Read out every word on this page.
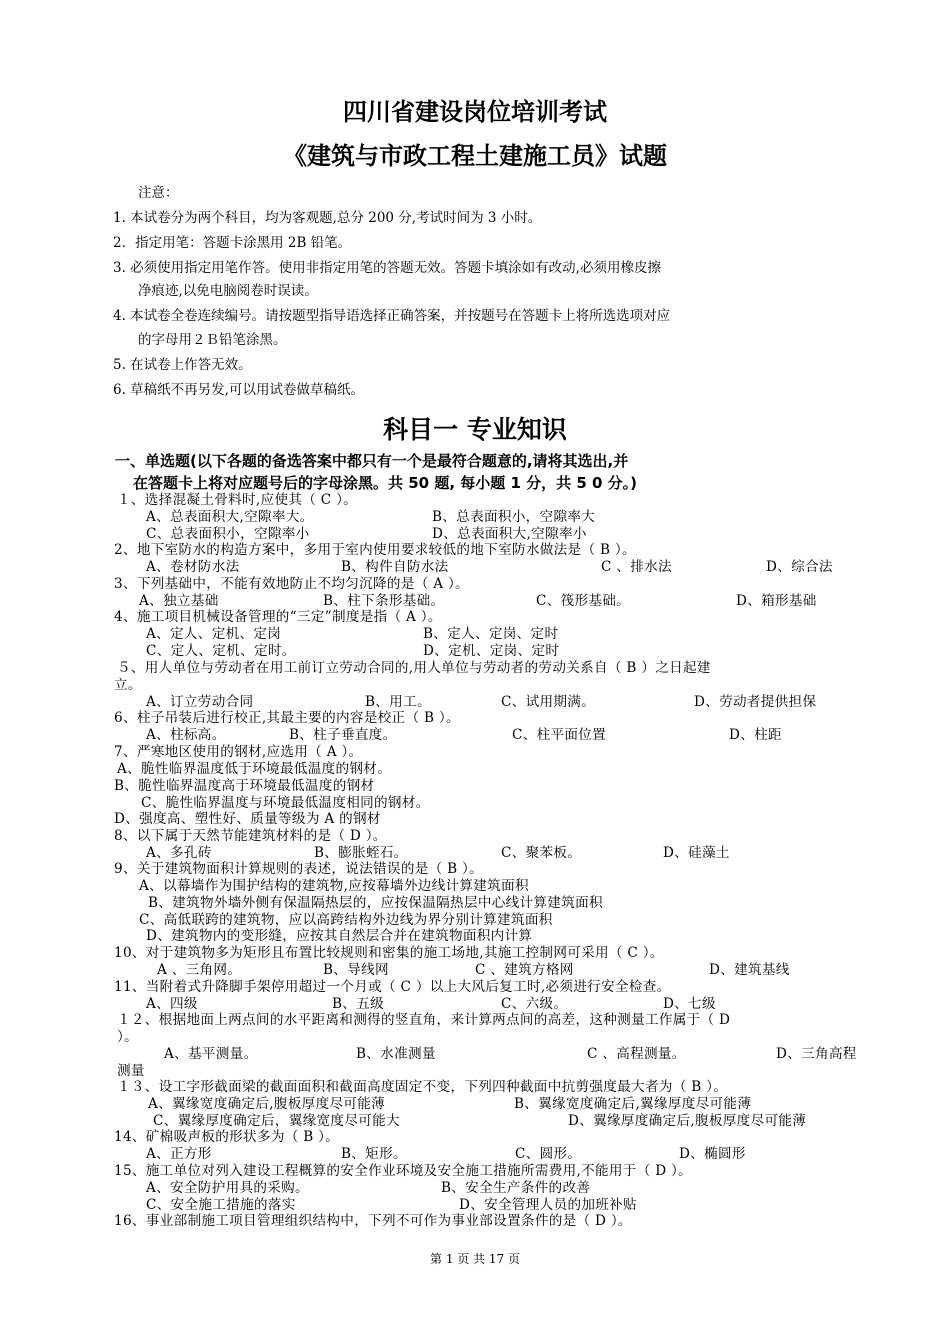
四川省建设岗位培训考试
《建筑与市政工程土建施工员》试题
注意：
1. 本试卷分为两个科目，均为客观题,总分 200 分,考试时间为 3 小时。
2．指定用笔：答题卡涂黑用 2B 铅笔。
3. 必须使用指定用笔作答。使用非指定用笔的答题无效。答题卡填涂如有改动,必须用橡皮擦
净痕迹,以免电脑阅卷时误读。
4. 本试卷全卷连续编号。请按题型指导语选择正确答案，并按题号在答题卡上将所选选项对应
的字母用２Ｂ铅笔涂黑。
5. 在试卷上作答无效。
6. 草稿纸不再另发,可以用试卷做草稿纸。
科目一 专业知识
一、单选题(以下各题的备选答案中都只有一个是最符合题意的,请将其选出,并
在答题卡上将对应题号后的字母涂黑。共 50 题, 每小题 1 分，共 5 0 分。)
１、选择混凝土骨料时,应使其（ C ）。
A、总表面积大,空隙率大。	B、总表面积小，空隙率大
C、总表面积小，空隙率小	D、总表面积大,空隙率小
2、地下室防水的构造方案中，多用于室内使用要求较低的地下室防水做法是（ B ）。
A、卷材防水法	B、构件自防水法	C 、排水法	D、综合法
3、下列基础中，不能有效地防止不均匀沉降的是（ A ）。
A、独立基础	B、柱下条形基础。	C、筏形基础。	D、箱形基础
4、施工项目机械设备管理的“三定”制度是指（ A ）。
A、定人、定机、定岗	B、定人、定岗、定时
C、定人、定机、定时。	D、定机、定岗、定时
５、用人单位与劳动者在用工前订立劳动合同的,用人单位与劳动者的劳动关系自（ B ）之日起建
立。
A、订立劳动合同	B、用工。	C、试用期满。	D、劳动者提供担保
6、柱子吊装后进行校正,其最主要的内容是校正（ B ）。
A、柱标高。	B、柱子垂直度。	C、柱平面位置	D、柱距
7、严寒地区使用的钢材,应选用（ A ）。
A、脆性临界温度低于环境最低温度的钢材。
B、脆性临界温度高于环境最低温度的钢材
C、脆性临界温度与环境最低温度相同的钢材。
D、强度高、塑性好、质量等级为 A 的钢材
8、以下属于天然节能建筑材料的是（ D ）。
A、多孔砖	B、膨胀蛭石。	C、聚苯板。	D、硅藻土
9、关于建筑物面积计算规则的表述，说法错误的是（ B ）。
A、以幕墙作为围护结构的建筑物,应按幕墙外边线计算建筑面积
B、建筑物外墙外侧有保温隔热层的，应按保温隔热层中心线计算建筑面积
C、高低联跨的建筑物，应以高跨结构外边线为界分别计算建筑面积
D、建筑物内的变形缝，应按其自然层合并在建筑物面积内计算
10、对于建筑物多为矩形且布置比较规则和密集的施工场地,其施工控制网可采用（ C ）。
A 、三角网。	B、导线网	C 、建筑方格网	D、建筑基线
11、当附着式升降脚手架停用超过一个月或（ C ）以上大风后复工时,必须进行安全检查。
A、四级	B、五级	C、六级。	D、七级
１２、根据地面上两点间的水平距离和测得的竖直角，来计算两点间的高差，这种测量工作属于（ D
）。
A、基平测量。	B、水准测量	C 、高程测量。	D、三角高程
测量
１３、设工字形截面梁的截面面积和截面高度固定不变，下列四种截面中抗剪强度最大者为（ B ）。
A、翼缘宽度确定后,腹板厚度尽可能薄	B、翼缘宽度确定后,翼缘厚度尽可能薄
C、翼缘厚度确定后，翼缘宽度尽可能大	D、翼缘厚度确定后,腹板厚度尽可能薄
14、矿棉吸声板的形状多为（ B ）。
A、正方形	B、矩形。	C、圆形。	D、椭圆形
15、施工单位对列入建设工程概算的安全作业环境及安全施工措施所需费用,不能用于（ D ）。
A、安全防护用具的采购。	B、安全生产条件的改善
C、安全施工措施的落实	D、安全管理人员的加班补贴
16、事业部制施工项目管理组织结构中，下列不可作为事业部设置条件的是（ D ）。
第 1 页 共 17 页
